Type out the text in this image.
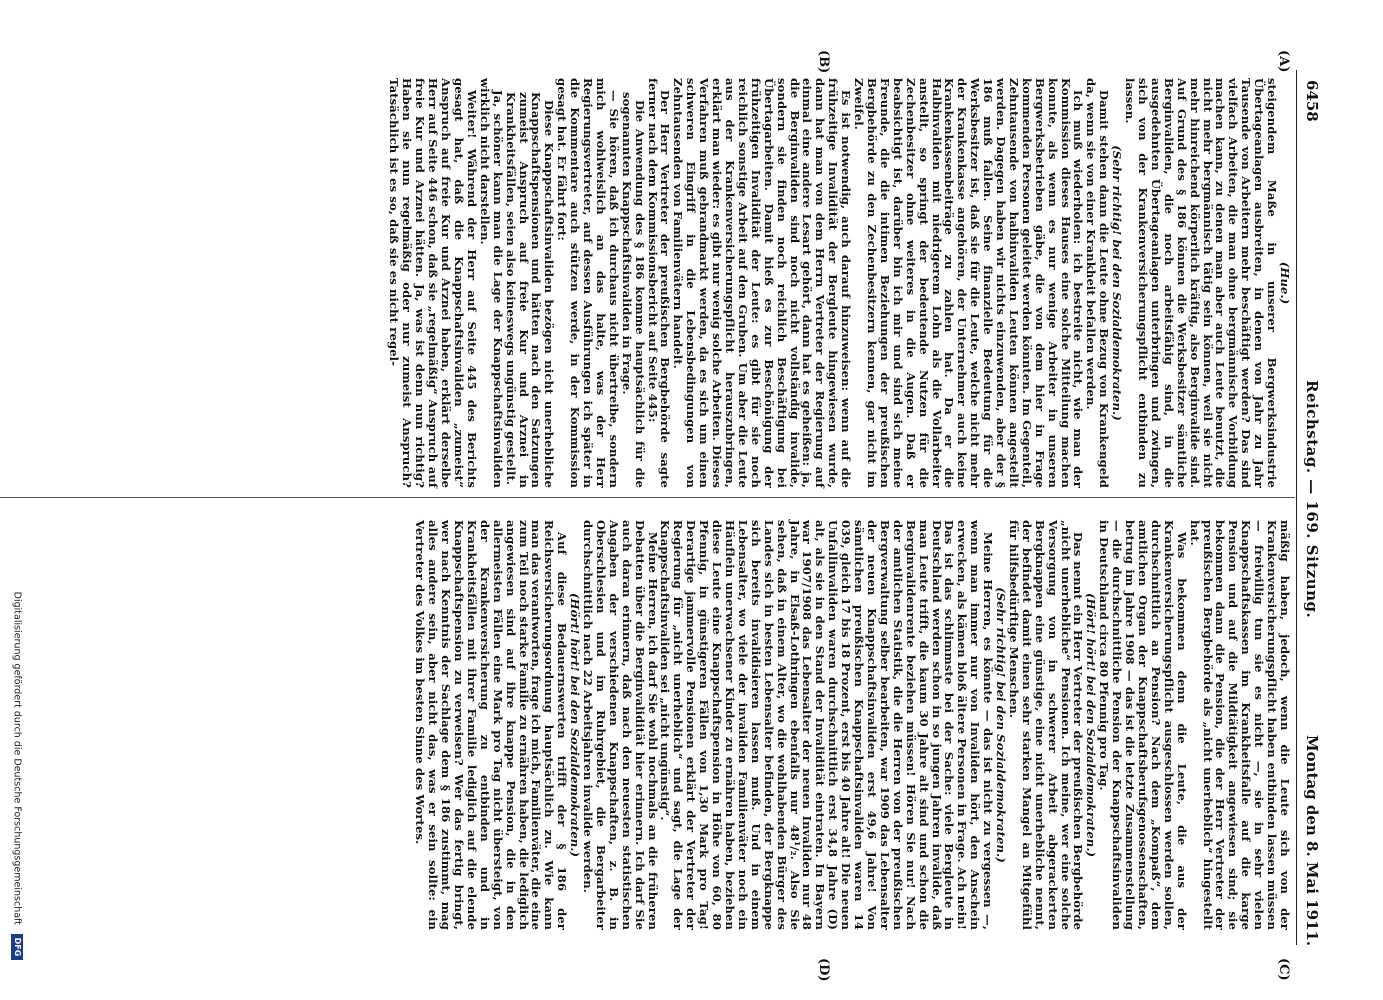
6458
Reichstag. — 169. Sitzung.
Montag den 8. Mai 1911.
(A)
(B)
(C)
(D)

(Hue.)

steigendem Maße in unserer Bergwerksindustrie Übertageanlagen ausbreiten, in denen von Jahr zu Jahr Tausende von Arbeitern mehr beschäftigt werden? Das sind vielfach Arbeiten, die man ohne bergmännische Vorbildung machen kann, zu denen man aber auch Leute benutzt, die nicht mehr bergmännisch tätig sein können, weil sie nicht mehr hinreichend körperlich kräftig, also Berginvalide sind. Auf Grund des § 186 können die Werksbesitzer sämtliche Berginvaliden, die noch arbeitsfähig sind, in die ausgedehnten Übertageanlagen unterbringen und zwingen, sich von der Krankenversicherungspflicht entbinden zu lassen.

(Sehr richtig! bei den Sozialdemokraten.)

Damit stehen dann die Leute ohne Bezug von Krankengeld da, wenn sie von einer Krankheit befallen werden.

Ich muß wiederholen: ich bestreite nicht, wie man der Kommission dieses Hauses eine solche Mitteilung machen konnte, als wenn es nur wenige Arbeiter in unseren Bergwerksbetrieben gäbe, die von dem hier in Frage kommenden Personen geleitet werden könnten. Im Gegenteil, Zehntausende von halbinvaliden Leuten können angestellt werden. Dagegen haben wir nichts einzuwenden, aber der § 186 muß fallen. Seine finanzielle Bedeutung für die Werksbesitzer ist, daß sie für die Leute, welche nicht mehr der Krankenkasse angehören, der Unternehmer auch keine Krankenkassenbeiträge zu zahlen hat. Da er die Halbinvaliden mit niedrigerem Lohn als die Vollarbeiter anstellt, so springt der bedeutende Nutzen für die Zechenbesitzer ohne weiteres in die Augen. Daß er beabsichtigt ist, darüber bin ich mir und sind sich meine Freunde, die die intimen Beziehungen der preußischen Bergbehörde zu den Zechenbesitzern kennen, gar nicht im Zweifel.

Es ist notwendig, auch darauf hinzuweisen: wenn auf die frühzeitige Invalidität der Bergleute hingewiesen wurde, dann hat man von dem Herrn Vertreter der Regierung auf einmal eine andere Lesart gehört, dann hat es geheißen: ja, die Berginvaliden sind noch nicht vollständig invalide, sondern sie finden noch reichlich Beschäftigung bei Übertagarbeiten. Damit hieß es zur Beschönigung der frühzeitigen Invalidität der Leute: es gibt für sie noch reichlich sonstige Arbeit auf den Gruben. Um aber die Leute aus der Krankenversicherungspflicht herauszubringen, erklärt man wieder: es gibt nur wenig solche Arbeiten. Dieses Verfahren muß gebrandmarkt werden, da es sich um einen schweren Eingriff in die Lebensbedingungen von Zehntausenden von Familienvätern handelt.

Der Herr Vertreter der preußischen Bergbehörde sagte ferner nach dem Kommissionsbericht auf Seite 445:

Die Anwendung des § 186 komme hauptsächlich für die sogenannten Knappschaftsinvaliden in Frage.

— Sie hören, daß ich durchaus nicht übertreibe, sondern mich wohlweislich an das halte, was der Herr Regierungsvertreter, auf dessen Ausführungen ich später in die Kommentare auch stützen werde, in der Kommission gesagt hat. Er fährt fort:

Diese Knappschaftsinvaliden bezögen nicht unerhebliche Knappschaftspensionen und hätten nach den Satzungen zumeist Anspruch auf freie Kur und Arznei in Krankheitsfällen, seien also keineswegs ungünstig gestellt.

Ja, schöner kann man die Lage der Knappschaftsinvaliden wirklich nicht darstellen.

Weiter! Während der Herr auf Seite 445 des Berichts gesagt hat, daß die Knappschaftsinvaliden „zumeist“ Anspruch auf freie Kur und Arznei haben, erklärt derselbe Herr auf Seite 446 schon, daß sie „regelmäßig“ Anspruch auf freie Kur und Arznei hätten. Ja, was ist denn nun richtig? Haben sie nun regelmäßig oder nur zumeist Anspruch? Tatsächlich ist es so, daß sie es nicht regel-

mäßig haben, jedoch, wenn die Leute sich von der Krankenversicherungspflicht haben entbinden lassen müssen — freiwillig tun sie es nicht —, sie in sehr vielen Knappschaftskassen im Krankheitsfalle auf die karge Pension und auf die Mildtätigkeit angewiesen sind; sie bekommen dann die Pension, die der Herr Vertreter der preußischen Bergbehörde als „nicht unerheblich“ hingestellt hat.

Was bekommen denn die Leute, die aus der Krankenversicherungspflicht ausgeschlossen werden sollen, durchschnittlich an Pension? Nach dem „Kompaß“, dem amtlichen Organ der Knappschaftsberufsgenossenschaften, betrug im Jahre 1908 — das ist die letzte Zusammenstellung — die durchschnittliche Pension der Knappschaftsinvaliden in Deutschland circa 80 Pfennig pro Tag.

(Hört! hört! bei den Sozialdemokraten.)

Das nennt ein Herr Vertreter der preußischen Bergbehörde „nicht unerhebliche“ Pensionen. Ich meine, wer eine solche Versorgung von in schwerer Arbeit abgerackerten Bergknappen eine günstige, eine nicht unerhebliche nennt, der befindet damit einen sehr starken Mangel an Mitgefühl für hilfsbedürftige Menschen.

(Sehr richtig! bei den Sozialdemokraten.)

Meine Herren, es könnte — das ist nicht zu vergessen —, wenn man immer nur von Invaliden hört, den Anschein erwecken, als kämen bloß ältere Personen in Frage. Ach nein! Das ist das schlimmste bei der Sache: viele Bergleute in Deutschland werden schon in so jungen Jahren invalide, daß man Leute trifft, die kaum 30 Jahre alt sind und schon die Berginvalidenrente beziehen müssen! Hören Sie nur! Nach der amtlichen Statistik, die die Herren von der preußischen Bergverwaltung selber bearbeiten, war 1909 das Lebensalter der neuen Knappschaftsinvaliden erst 49,6 Jahre! Von sämtlichen preußischen Knappschaftsinvaliden waren 14 039, gleich 17 bis 18 Prozent, erst bis 40 Jahre alt! Die neuen Unfallinvaliden waren durchschnittlich erst 34,8 Jahre (D) alt, als sie in den Stand der Invalidität eintraten. In Bayern war 1907/1908 das Lebensalter der neuen Invaliden nur 48 Jahre, in Elsaß-Lothringen ebenfalls nur 48¹/₂. Also Sie sehen, daß in einem Alter, wo die wohlhabenden Bürger des Landes sich in besten Lebensalter befinden, der Bergknappe sich bereits invalidisieren lassen muß. Und in einem Lebensalter, wo viele der invaliden Familienväter noch ein Häuflein unerwachsener Kinder zu ernähren haben, beziehen diese Leute eine Knappschaftspension in Höhe von 60, 80 Pfennig, in günstigeren Fällen von 1,30 Mark pro Tag! Derartige jammervolle Pensionen erklärt der Vertreter der Regierung für „nicht unerheblich“ und sagt, die Lage der Knappschaftsinvaliden sei „nicht ungünstig“.

Meine Herren, ich darf Sie wohl nochmals an die früheren Debatten über die Berginvalidität hier erinnern. Ich darf Sie auch daran erinnern, daß nach den neuesten statistischen Angaben der verschiedenen Knappschaften, z. B. in Oberschlesien und im Ruhrgebiet, die Bergarbeiter durchschnittlich nach 22 Arbeitsjahren invalide werden.

(Hört! hört! bei den Sozialdemokraten.)

Auf diese Bedauernswerten trifft der § 186 der Reichsversicherungsordnung hauptsächlich zu. Wie kann man das verantworten, frage ich mich, Familienväter, die eine zum Teil noch starke Familie zu ernähren haben, die lediglich angewiesen sind auf ihre knappe Pension, die in den allermeisten Fällen eine Mark pro Tag nicht übersteigt, von der Krankenversicherung zu entbinden und in Krankheitsfällen mit ihrer Familie lediglich auf die elende Knappschaftspension zu verweisen? Wer das fertig bringt, wer nach Kenntnis der Sachlage dem § 186 zustimmt, mag alles andere sein, aber nicht das, was er sein sollte: ein Vertreter des Volkes im besten Sinne des Wortes.

Digitalisierung gefördert durch die Deutsche Forschungsgemeinschaft DFG
